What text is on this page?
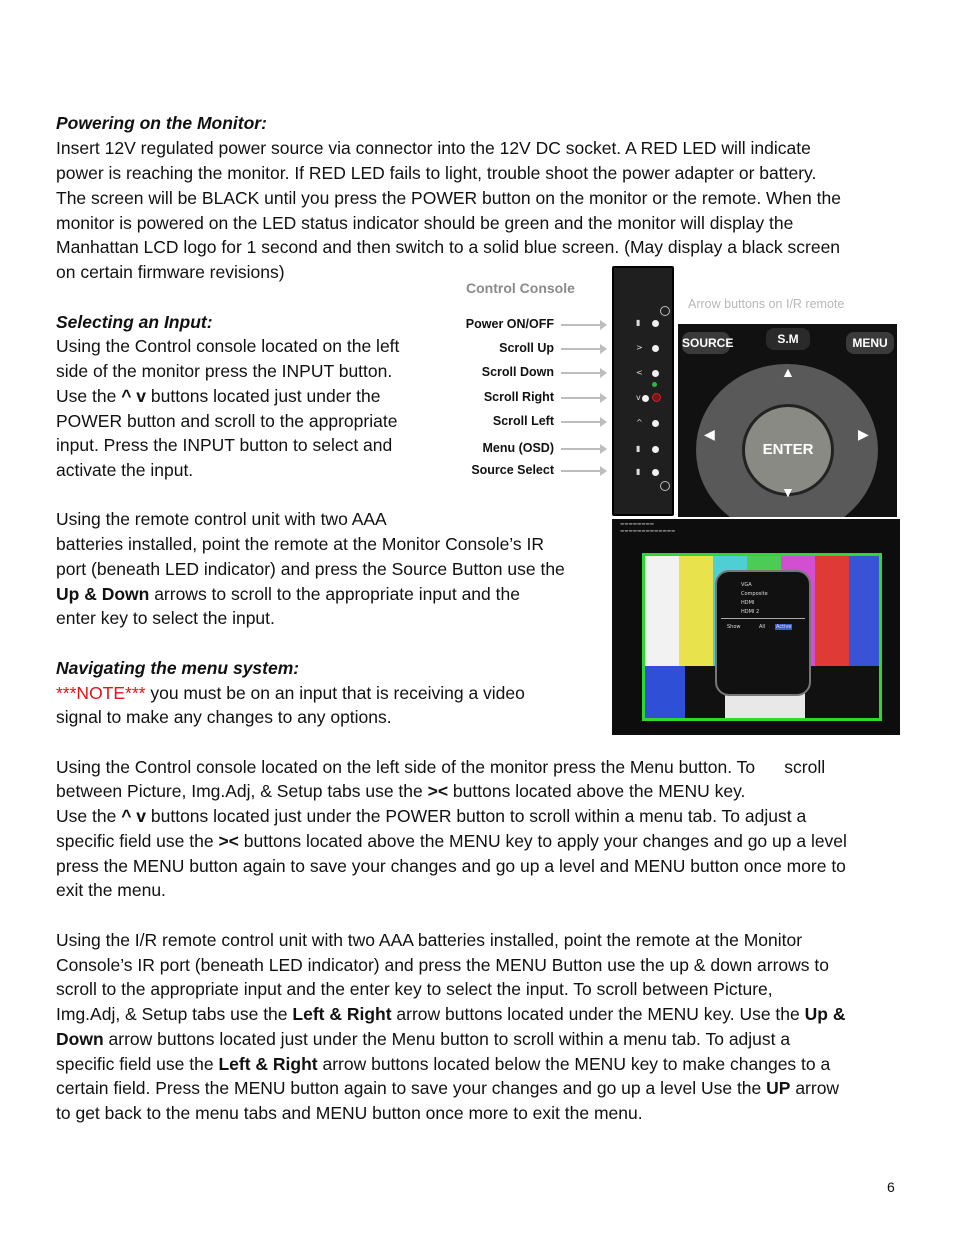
Powering on the Monitor:
Insert 12V regulated power source via connector into the 12V DC socket. A RED LED will indicate
power is reaching the monitor. If RED LED fails to light, trouble shoot the power adapter or battery.
The screen will be BLACK until you press the POWER button on the monitor or the remote. When the
monitor is powered on the LED status indicator should be green and the monitor will display the
Manhattan LCD logo for 1 second and then switch to a solid blue screen. (May display a black screen
on certain firmware revisions)
Selecting an Input:
Using the Control console located on the left
side of the monitor press the INPUT button.
Use the ^ v buttons located just under the
POWER button and scroll to the appropriate
input. Press the INPUT button to select and
activate the input.
Using the remote control unit with two AAA
batteries installed, point the remote at the Monitor Console’s IR
port (beneath LED indicator) and press the Source Button use the
Up & Down arrows to scroll to the appropriate input and the
enter key to select the input.
Navigating the menu system:
***NOTE*** you must be on an input that is receiving a video
signal to make any changes to any options.
Using the Control console located on the left side of the monitor press the Menu button. To      scroll
between Picture, Img.Adj, & Setup tabs use the >< buttons located above the MENU key.
Use the ^ v buttons located just under the POWER button to scroll within a menu tab. To adjust a
specific field use the >< buttons located above the MENU key to apply your changes and go up a level
press the MENU button again to save your changes and go up a level and MENU button once more to
exit the menu.
Using the I/R remote control unit with two AAA batteries installed, point the remote at the Monitor
Console’s IR port (beneath LED indicator) and press the MENU Button use the up & down arrows to
scroll to the appropriate input and the enter key to select the input. To scroll between Picture,
Img.Adj, & Setup tabs use the Left & Right arrow buttons located under the MENU key. Use the Up &
Down arrow buttons located just under the Menu button to scroll within a menu tab. To adjust a
specific field use the Left & Right arrow buttons located below the MENU key to make changes to a
certain field. Press the MENU button again to save your changes and go up a level Use the UP arrow
to get back to the menu tabs and MENU button once more to exit the menu.
Control Console
Power ON/OFF
Scroll Up
Scroll Down
Scroll Right
Scroll Left
Menu (OSD)
Source Select
▮
>
<
v
^
▮
▮
Arrow buttons on I/R remote
SOURCE	S.M	MENU
ENTER
▲
▼
◀	▶
▬▬▬▬▬▬▬▬
▬▬▬▬▬▬▬▬▬▬▬▬▬
VGA
Composite
HDMI
HDMI 2
Show	All Active
6
